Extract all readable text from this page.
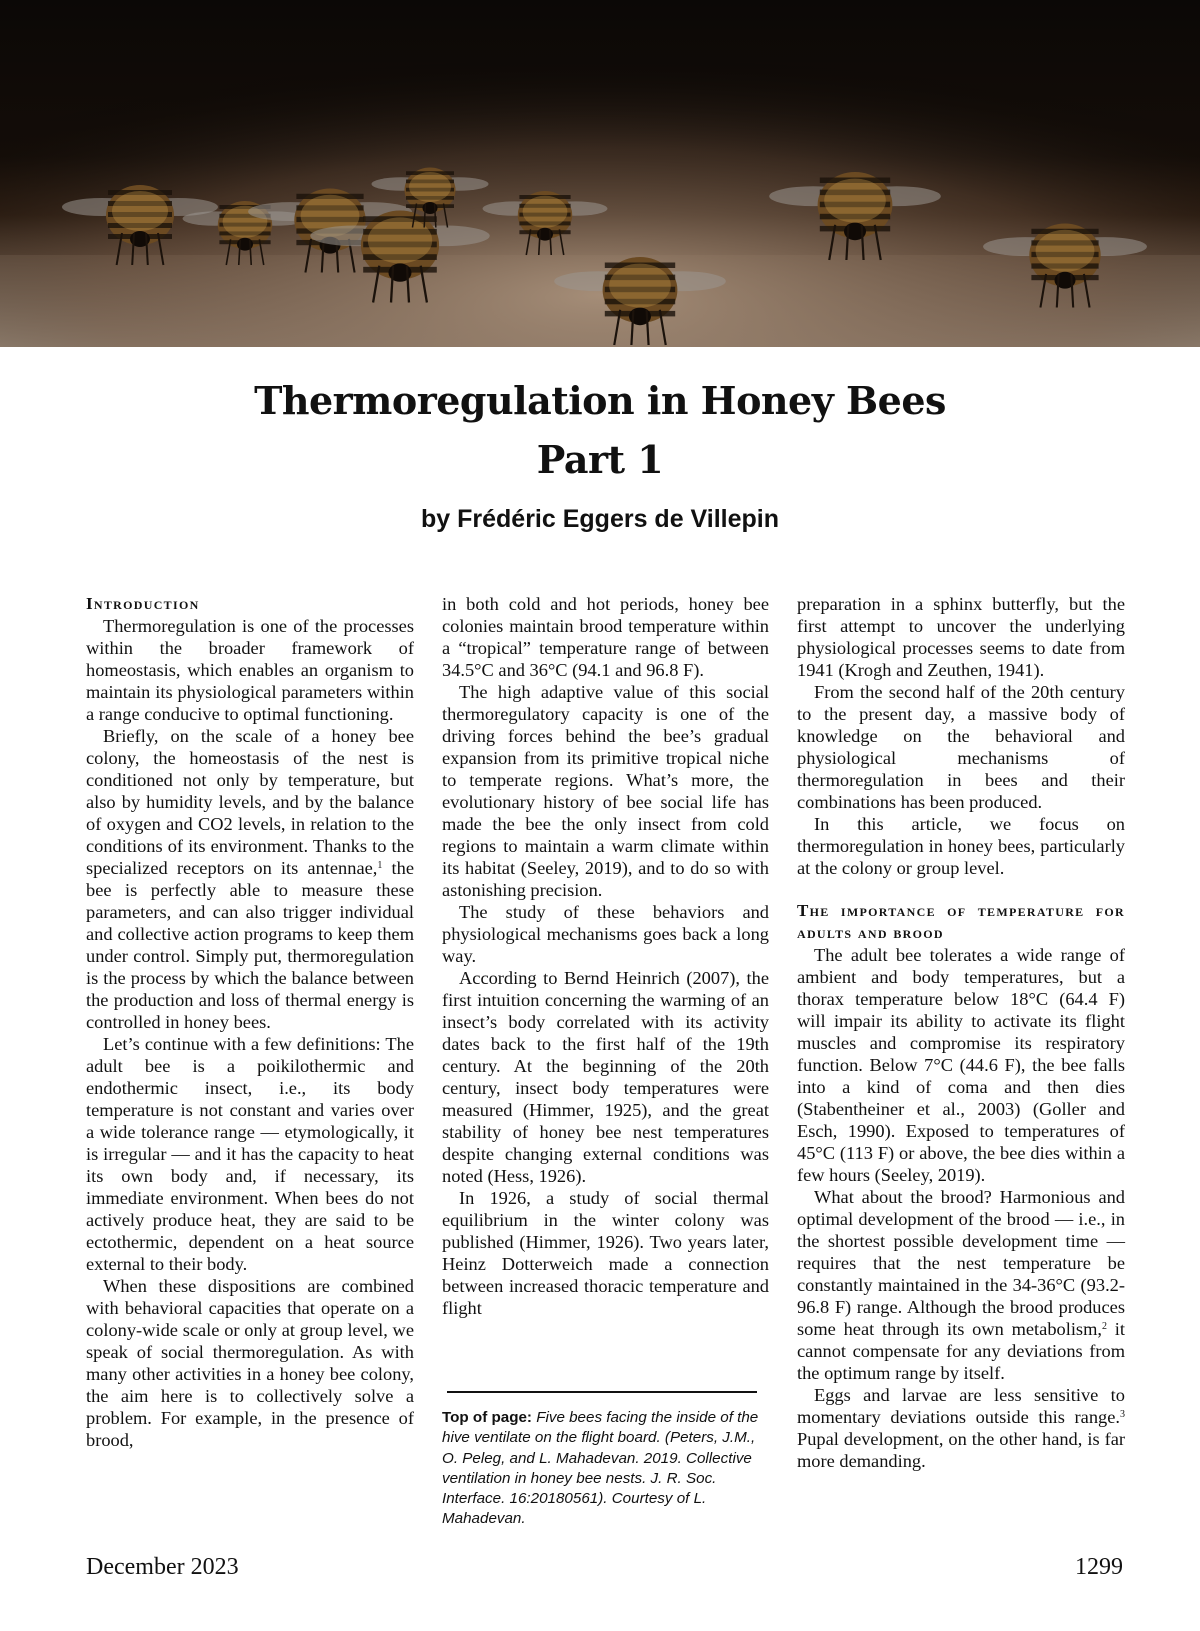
Thermoregulation in Honey Bees
Part 1

by Frédéric Eggers de Villepin

Introduction

Thermoregulation is one of the processes within the broader framework of homeostasis, which enables an organism to maintain its physiological parameters within a range conducive to optimal functioning.

Briefly, on the scale of a honey bee colony, the homeostasis of the nest is conditioned not only by temperature, but also by humidity levels, and by the balance of oxygen and CO2 levels, in relation to the conditions of its environment. Thanks to the specialized receptors on its antennae,$^1$ the bee is perfectly able to measure these parameters, and can also trigger individual and collective action programs to keep them under control. Simply put, thermoregulation is the process by which the balance between the production and loss of thermal energy is controlled in honey bees.

Let’s continue with a few definitions: The adult bee is a poikilothermic and endothermic insect, i.e., its body temperature is not constant and varies over a wide tolerance range — etymologically, it is irregular — and it has the capacity to heat its own body and, if necessary, its immediate environment. When bees do not actively produce heat, they are said to be ectothermic, dependent on a heat source external to their body.

When these dispositions are combined with behavioral capacities that operate on a colony-wide scale or only at group level, we speak of social thermoregulation. As with many other activities in a honey bee colony, the aim here is to collectively solve a problem. For example, in the presence of brood,

in both cold and hot periods, honey bee colonies maintain brood temperature within a “tropical” temperature range of between 34.5°C and 36°C (94.1 and 96.8 F).

The high adaptive value of this social thermoregulatory capacity is one of the driving forces behind the bee’s gradual expansion from its primitive tropical niche to temperate regions. What’s more, the evolutionary history of bee social life has made the bee the only insect from cold regions to maintain a warm climate within its habitat (Seeley, 2019), and to do so with astonishing precision.

The study of these behaviors and physiological mechanisms goes back a long way.

According to Bernd Heinrich (2007), the first intuition concerning the warming of an insect’s body correlated with its activity dates back to the first half of the 19th century. At the beginning of the 20th century, insect body temperatures were measured (Himmer, 1925), and the great stability of honey bee nest temperatures despite changing external conditions was noted (Hess, 1926).

In 1926, a study of social thermal equilibrium in the winter colony was published (Himmer, 1926). Two years later, Heinz Dotterweich made a connection between increased thoracic temperature and flight

Top of page: Five bees facing the inside of the hive ventilate on the flight board. (Peters, J.M., O. Peleg, and L. Mahadevan. 2019. Collective ventilation in honey bee nests. J. R. Soc. Interface. 16:20180561). Courtesy of L. Mahadevan.

preparation in a sphinx butterfly, but the first attempt to uncover the underlying physiological processes seems to date from 1941 (Krogh and Zeuthen, 1941).

From the second half of the 20th century to the present day, a massive body of knowledge on the behavioral and physiological mechanisms of thermoregulation in bees and their combinations has been produced.

In this article, we focus on thermoregulation in honey bees, particularly at the colony or group level.

The importance of temperature for adults and brood

The adult bee tolerates a wide range of ambient and body temperatures, but a thorax temperature below 18°C (64.4 F) will impair its ability to activate its flight muscles and compromise its respiratory function. Below 7°C (44.6 F), the bee falls into a kind of coma and then dies (Stabentheiner et al., 2003) (Goller and Esch, 1990). Exposed to temperatures of 45°C (113 F) or above, the bee dies within a few hours (Seeley, 2019).

What about the brood? Harmonious and optimal development of the brood — i.e., in the shortest possible development time — requires that the nest temperature be constantly maintained in the 34-36°C (93.2-96.8 F) range. Although the brood produces some heat through its own metabolism,$^2$ it cannot compensate for any deviations from the optimum range by itself.

Eggs and larvae are less sensitive to momentary deviations outside this range.$^3$ Pupal development, on the other hand, is far more demanding.

December 2023	1299
